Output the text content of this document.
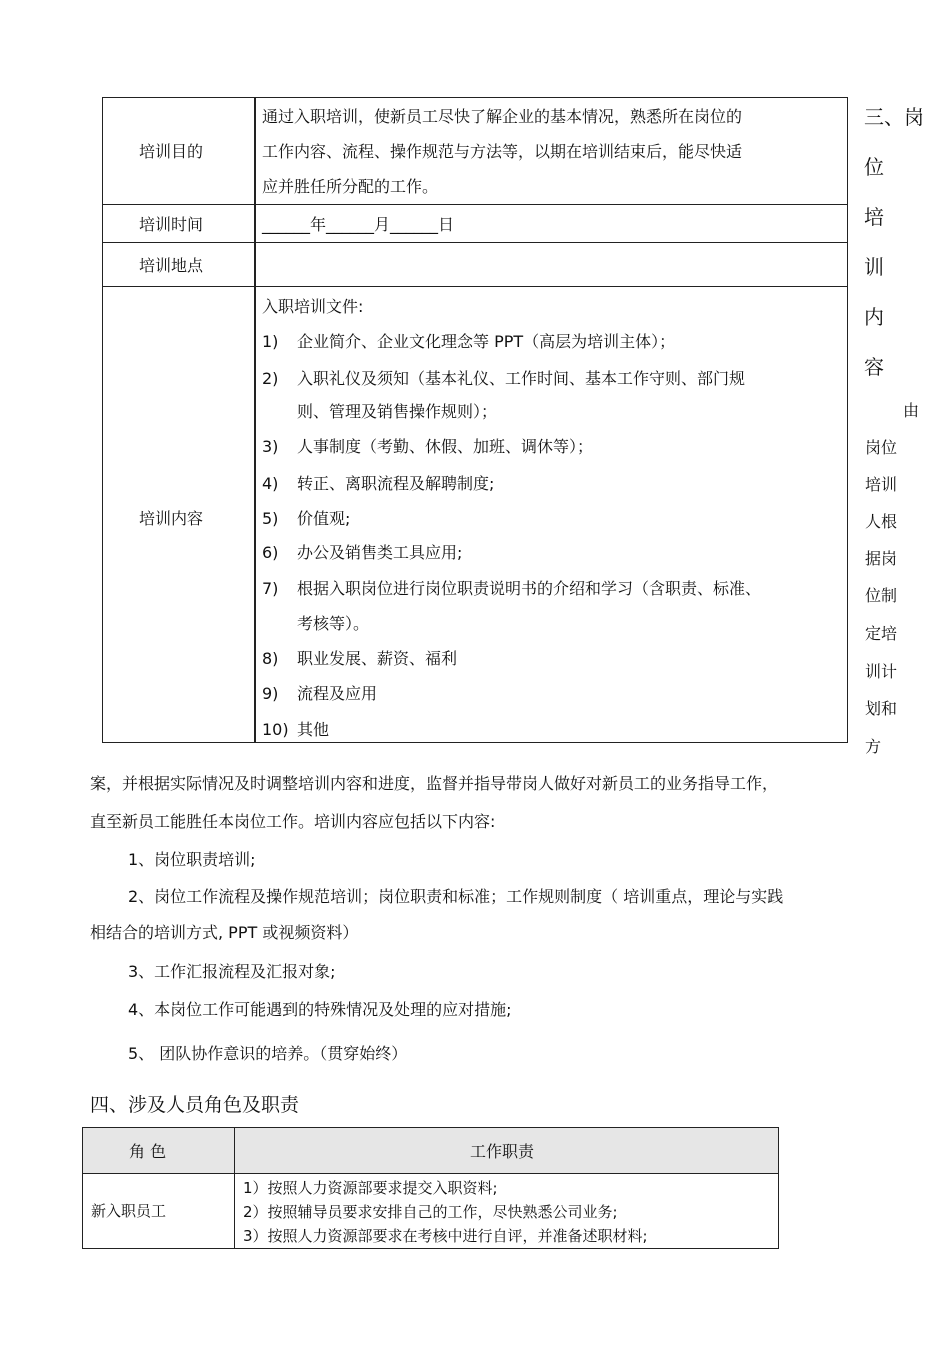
培训目的
通过入职培训，使新员工尽快了解企业的基本情况，熟悉所在岗位的
工作内容、流程、操作规范与方法等，以期在培训结束后，能尽快适
应并胜任所分配的工作。
培训时间	______年______月______日
培训地点
培训内容
入职培训文件:
1) 企业简介、企业文化理念等 PPT（高层为培训主体）；
2) 入职礼仪及须知（基本礼仪、工作时间、基本工作守则、部门规
则、管理及销售操作规则）；
3) 人事制度（考勤、休假、加班、调休等）；
4) 转正、离职流程及解聘制度;
5) 价值观;
6) 办公及销售类工具应用;
7) 根据入职岗位进行岗位职责说明书的介绍和学习（含职责、标准、
考核等）。
8) 职业发展、薪资、福利
9) 流程及应用
10) 其他
三、岗
位
培
训
内
容
由
岗位
培训
人根
据岗
位制
定培
训计
划和
方
案，并根据实际情况及时调整培训内容和进度，监督并指导带岗人做好对新员工的业务指导工作，
直至新员工能胜任本岗位工作。培训内容应包括以下内容:
1、岗位职责培训;
2、岗位工作流程及操作规范培训；岗位职责和标准；工作规则制度（ 培训重点，理论与实践
相结合的培训方式, PPT 或视频资料）
3、工作汇报流程及汇报对象;
4、本岗位工作可能遇到的特殊情况及处理的应对措施;
5、 团队协作意识的培养。（贯穿始终）
四、涉及人员角色及职责
角 色	工作职责
新入职员工
1）按照人力资源部要求提交入职资料;
2）按照辅导员要求安排自己的工作，尽快熟悉公司业务;
3）按照人力资源部要求在考核中进行自评，并准备述职材料;
